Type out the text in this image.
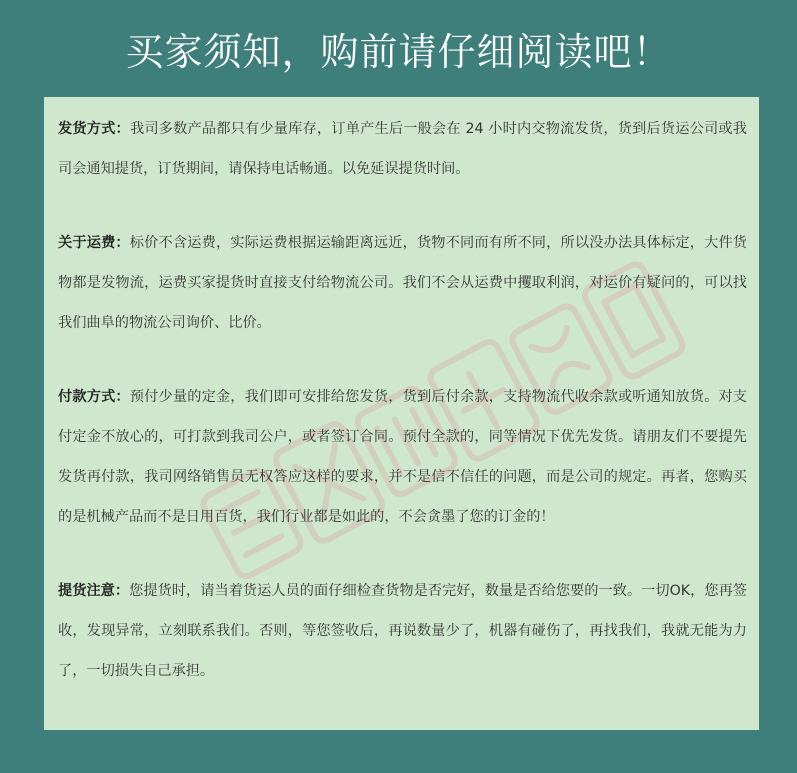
买家须知，购前请仔细阅读吧！

发货方式：我司多数产品都只有少量库存，订单产生后一般会在 24 小时内交物流发货，货到后货运公司或我司会通知提货，订货期间，请保持电话畅通。以免延误提货时间。

关于运费：标价不含运费，实际运费根据运输距离远近，货物不同而有所不同，所以没办法具体标定，大件货物都是发物流，运费买家提货时直接支付给物流公司。我们不会从运费中攫取利润，对运价有疑问的，可以找我们曲阜的物流公司询价、比价。

付款方式：预付少量的定金，我们即可安排给您发货，货到后付余款，支持物流代收余款或听通知放货。对支付定金不放心的，可打款到我司公户，或者签订合同。预付全款的，同等情况下优先发货。请朋友们不要提先发货再付款，我司网络销售员无权答应这样的要求，并不是信不信任的问题，而是公司的规定。再者，您购买的是机械产品而不是日用百货，我们行业都是如此的，不会贪墨了您的订金的！

提货注意：您提货时，请当着货运人员的面仔细检查货物是否完好，数量是否给您要的一致。一切OK，您再签收，发现异常，立刻联系我们。否则，等您签收后，再说数量少了，机器有碰伤了，再找我们，我就无能为力了，一切损失自己承担。
